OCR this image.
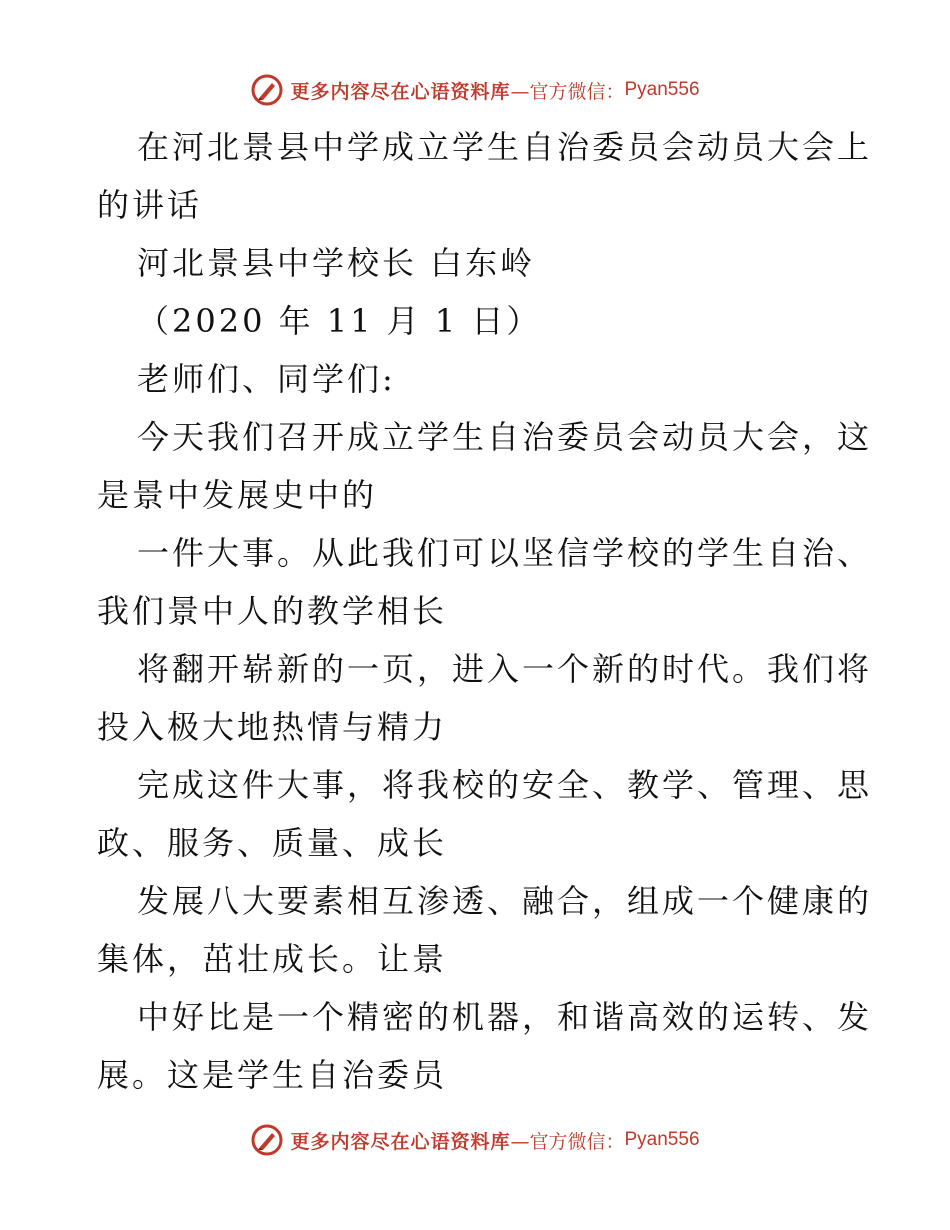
更多内容尽在心语资料库 —官方微信： Pyan556
在河北景县中学成立学生自治委员会动员大会上
的讲话
河北景县中学校长 白东岭
（2020 年 11 月 1 日）
老师们、同学们:
今天我们召开成立学生自治委员会动员大会，这
是景中发展史中的
一件大事。从此我们可以坚信学校的学生自治、
我们景中人的教学相长
将翻开崭新的一页，进入一个新的时代。我们将
投入极大地热情与精力
完成这件大事，将我校的安全、教学、管理、思
政、服务、质量、成长
发展八大要素相互渗透、融合，组成一个健康的
集体，茁壮成长。让景
中好比是一个精密的机器，和谐高效的运转、发
展。这是学生自治委员
更多内容尽在心语资料库 —官方微信： Pyan556
